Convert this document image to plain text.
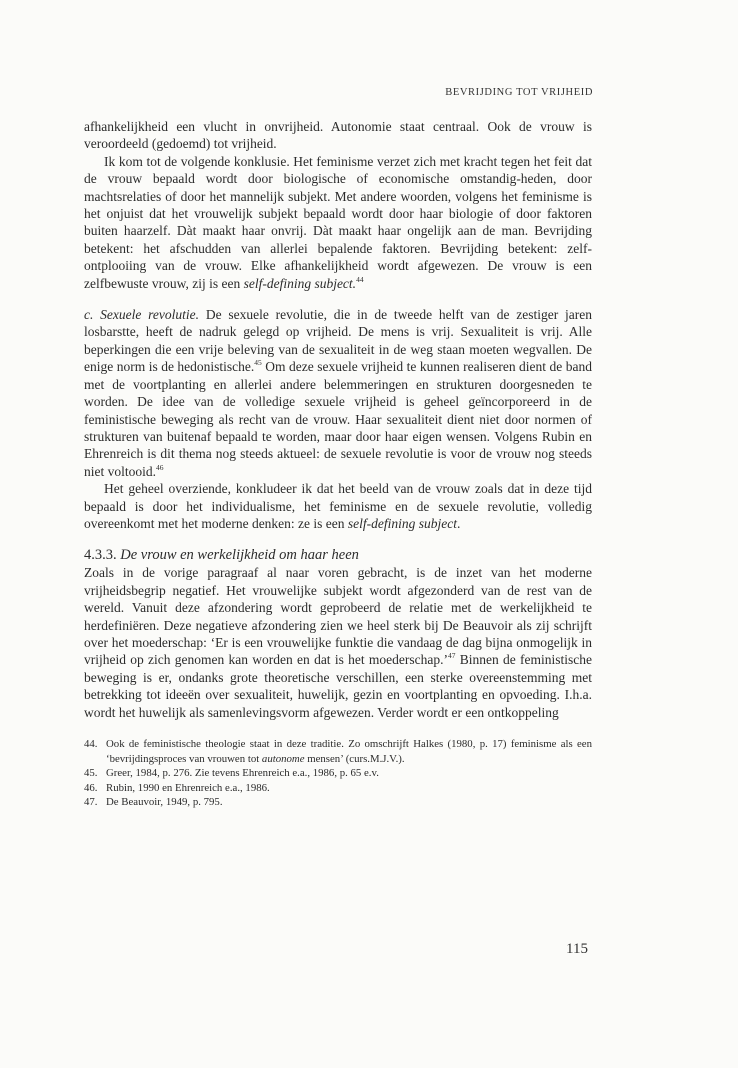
BEVRIJDING TOT VRIJHEID

afhankelijkheid een vlucht in onvrijheid. Autonomie staat centraal. Ook de vrouw is veroordeeld (gedoemd) tot vrijheid.

Ik kom tot de volgende konklusie. Het feminisme verzet zich met kracht tegen het feit dat de vrouw bepaald wordt door biologische of economische omstandig-heden, door machtsrelaties of door het mannelijk subjekt. Met andere woorden, volgens het feminisme is het onjuist dat het vrouwelijk subjekt bepaald wordt door haar biologie of door faktoren buiten haarzelf. Dàt maakt haar onvrij. Dàt maakt haar ongelijk aan de man. Bevrijding betekent: het afschudden van allerlei bepalende faktoren. Bevrijding betekent: zelf-ontplooiing van de vrouw. Elke afhankelijkheid wordt afgewezen. De vrouw is een zelfbewuste vrouw, zij is een self-defining subject.$^{44}$

c. Sexuele revolutie. De sexuele revolutie, die in de tweede helft van de zestiger jaren losbarstte, heeft de nadruk gelegd op vrijheid. De mens is vrij. Sexualiteit is vrij. Alle beperkingen die een vrije beleving van de sexualiteit in de weg staan moeten wegvallen. De enige norm is de hedonistische.$^{45}$ Om deze sexuele vrijheid te kunnen realiseren dient de band met de voortplanting en allerlei andere belemmeringen en strukturen doorgesneden te worden. De idee van de volledige sexuele vrijheid is geheel geïncorporeerd in de feministische beweging als recht van de vrouw. Haar sexualiteit dient niet door normen of strukturen van buitenaf bepaald te worden, maar door haar eigen wensen. Volgens Rubin en Ehrenreich is dit thema nog steeds aktueel: de sexuele revolutie is voor de vrouw nog steeds niet voltooid.$^{46}$

Het geheel overziende, konkludeer ik dat het beeld van de vrouw zoals dat in deze tijd bepaald is door het individualisme, het feminisme en de sexuele revolutie, volledig overeenkomt met het moderne denken: ze is een self-defining subject.

4.3.3. De vrouw en werkelijkheid om haar heen

Zoals in de vorige paragraaf al naar voren gebracht, is de inzet van het moderne vrijheidsbegrip negatief. Het vrouwelijke subjekt wordt afgezonderd van de rest van de wereld. Vanuit deze afzondering wordt geprobeerd de relatie met de werkelijkheid te herdefiniëren. Deze negatieve afzondering zien we heel sterk bij De Beauvoir als zij schrijft over het moederschap: ‘Er is een vrouwelijke funktie die vandaag de dag bijna onmogelijk in vrijheid op zich genomen kan worden en dat is het moederschap.’$^{47}$ Binnen de feministische beweging is er, ondanks grote theoretische verschillen, een sterke overeenstemming met betrekking tot ideeën over sexualiteit, huwelijk, gezin en voortplanting en opvoeding. I.h.a. wordt het huwelijk als samenlevingsvorm afgewezen. Verder wordt er een ontkoppeling

44. Ook de feministische theologie staat in deze traditie. Zo omschrijft Halkes (1980, p. 17) feminisme als een ‘bevrijdingsproces van vrouwen tot autonome mensen’ (curs.M.J.V.).
45. Greer, 1984, p. 276. Zie tevens Ehrenreich e.a., 1986, p. 65 e.v.
46. Rubin, 1990 en Ehrenreich e.a., 1986.
47. De Beauvoir, 1949, p. 795.
115
